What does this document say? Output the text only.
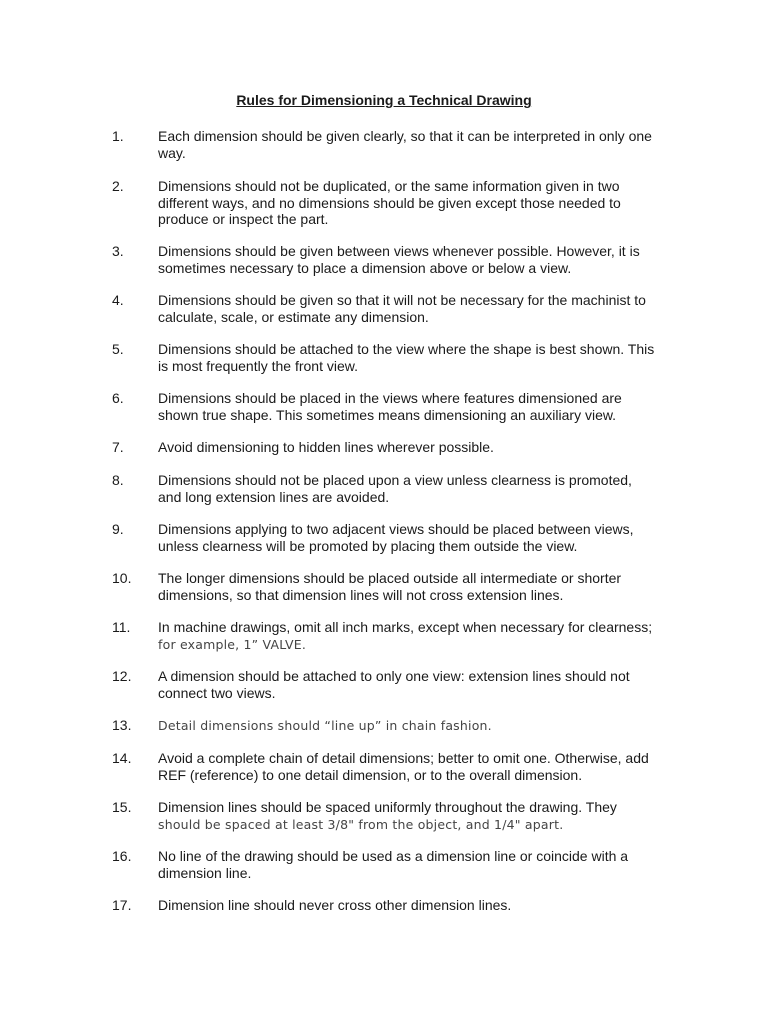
Rules for Dimensioning a Technical Drawing
1. Each dimension should be given clearly, so that it can be interpreted in only one way.
2. Dimensions should not be duplicated, or the same information given in two different ways, and no dimensions should be given except those needed to produce or inspect the part.
3. Dimensions should be given between views whenever possible. However, it is sometimes necessary to place a dimension above or below a view.
4. Dimensions should be given so that it will not be necessary for the machinist to calculate, scale, or estimate any dimension.
5. Dimensions should be attached to the view where the shape is best shown. This is most frequently the front view.
6. Dimensions should be placed in the views where features dimensioned are shown true shape. This sometimes means dimensioning an auxiliary view.
7. Avoid dimensioning to hidden lines wherever possible.
8. Dimensions should not be placed upon a view unless clearness is promoted, and long extension lines are avoided.
9. Dimensions applying to two adjacent views should be placed between views, unless clearness will be promoted by placing them outside the view.
10. The longer dimensions should be placed outside all intermediate or shorter dimensions, so that dimension lines will not cross extension lines.
11. In machine drawings, omit all inch marks, except when necessary for clearness;
for example, 1” VALVE.
12. A dimension should be attached to only one view: extension lines should not connect two views.
13. Detail dimensions should “line up” in chain fashion.
14. Avoid a complete chain of detail dimensions; better to omit one. Otherwise, add REF (reference) to one detail dimension, or to the overall dimension.
15. Dimension lines should be spaced uniformly throughout the drawing. They
should be spaced at least 3/8" from the object, and 1/4" apart.
16. No line of the drawing should be used as a dimension line or coincide with a dimension line.
17. Dimension line should never cross other dimension lines.
